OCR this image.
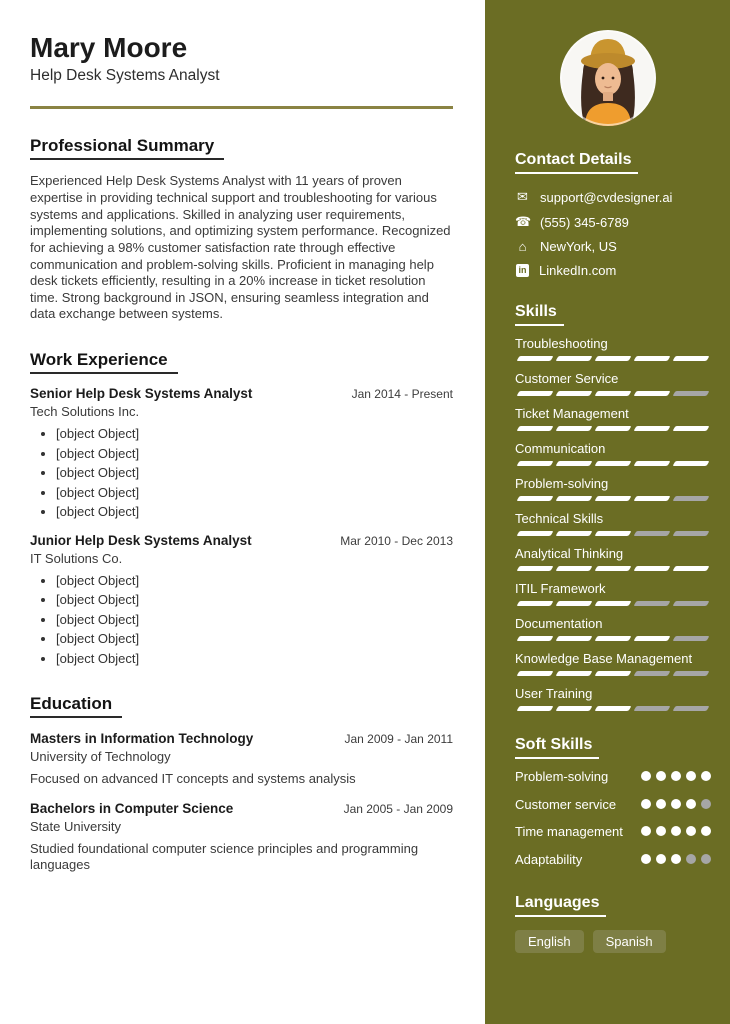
Mary Moore
Help Desk Systems Analyst
Professional Summary

Experienced Help Desk Systems Analyst with 11 years of proven expertise in providing technical support and troubleshooting for various systems and applications. Skilled in analyzing user requirements, implementing solutions, and optimizing system performance. Recognized for achieving a 98% customer satisfaction rate through effective communication and problem-solving skills. Proficient in managing help desk tickets efficiently, resulting in a 20% increase in ticket resolution time. Strong background in JSON, ensuring seamless integration and data exchange between systems.

Work Experience
Senior Help Desk Systems Analyst	Jan 2014 - Present
Tech Solutions Inc.
• [object Object]
• [object Object]
• [object Object]
• [object Object]
• [object Object]
Junior Help Desk Systems Analyst	Mar 2010 - Dec 2013
IT Solutions Co.
• [object Object]
• [object Object]
• [object Object]
• [object Object]
• [object Object]
Education
Masters in Information Technology	Jan 2009 - Jan 2011
University of Technology
Focused on advanced IT concepts and systems analysis
Bachelors in Computer Science	Jan 2005 - Jan 2009
State University
Studied foundational computer science principles and programming languages
Contact Details
✉ support@cvdesigner.ai
☎ (555) 345-6789
⌂ NewYork, US
in LinkedIn.com
Skills
Troubleshooting
Customer Service
Ticket Management
Communication
Problem-solving
Technical Skills
Analytical Thinking
ITIL Framework
Documentation
Knowledge Base Management
User Training
Soft Skills
Problem-solving
Customer service
Time management
Adaptability
Languages
English	Spanish
